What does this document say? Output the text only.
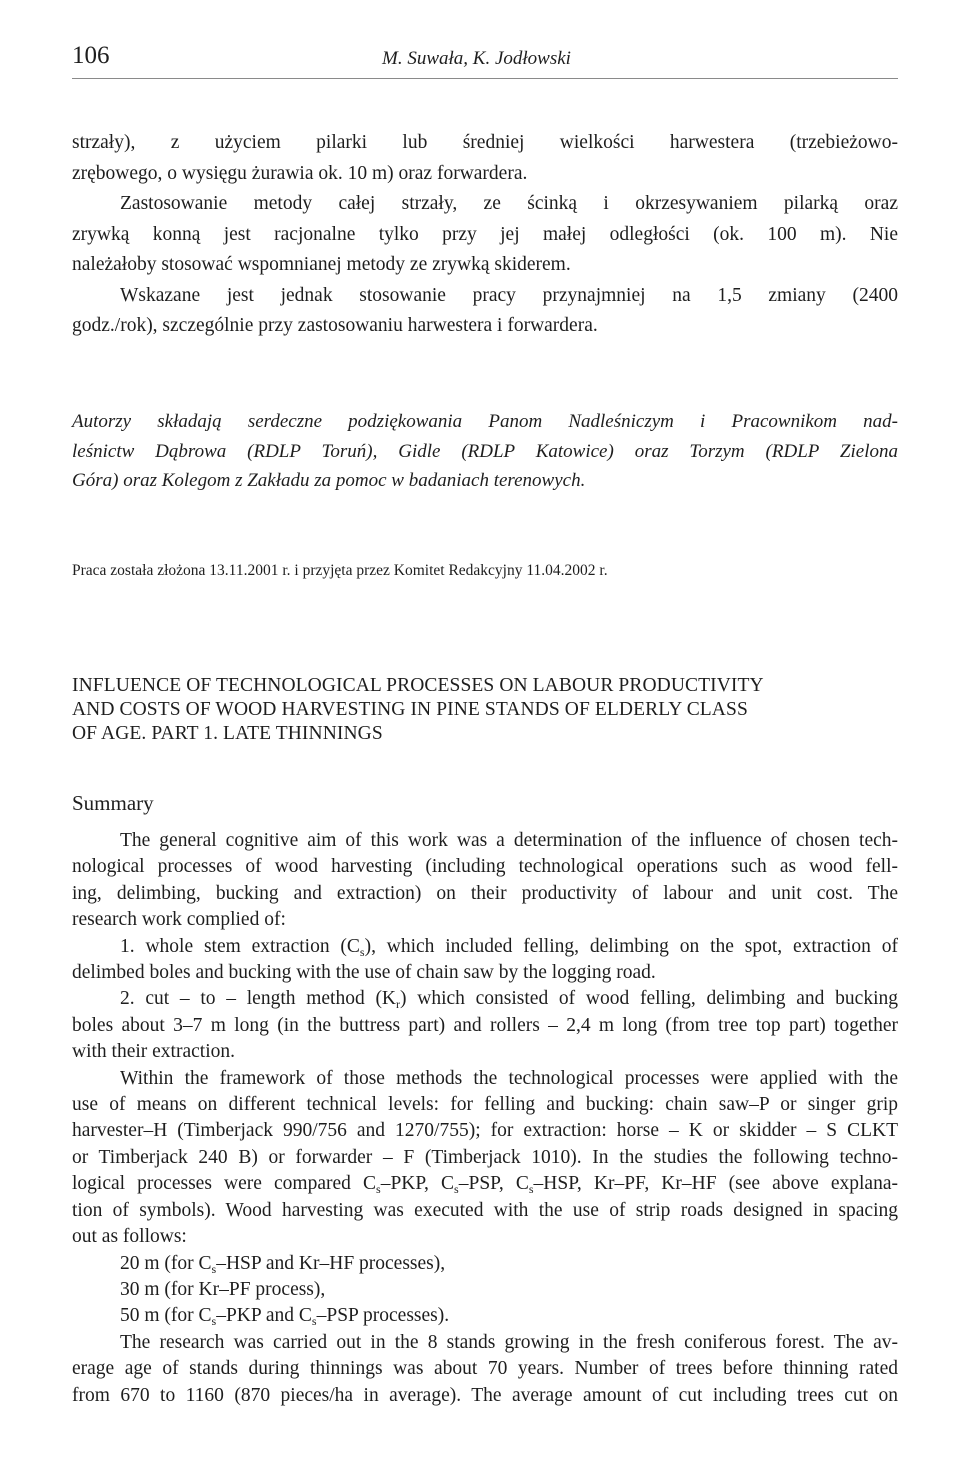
106	M. Suwała, K. Jodłowski

strzały), z użyciem pilarki lub średniej wielkości harwestera (trzebieżowo-

zrębowego, o wysięgu żurawia ok. 10 m) oraz forwardera.

Zastosowanie metody całej strzały, ze ścinką i okrzesywaniem pilarką oraz

zrywką konną jest racjonalne tylko przy jej małej odległości (ok. 100 m). Nie

należałoby stosować wspomnianej metody ze zrywką skiderem.

Wskazane jest jednak stosowanie pracy przynajmniej na 1,5 zmiany (2400

godz./rok), szczególnie przy zastosowaniu harwestera i forwardera.

Autorzy składają serdeczne podziękowania Panom Nadleśniczym i Pracownikom nad-

leśnictw Dąbrowa (RDLP Toruń), Gidle (RDLP Katowice) oraz Torzym (RDLP Zielona

Góra) oraz Kolegom z Zakładu za pomoc w badaniach terenowych.

Praca została złożona 13.11.2001 r. i przyjęta przez Komitet Redakcyjny 11.04.2002 r.

INFLUENCE OF TECHNOLOGICAL PROCESSES ON LABOUR PRODUCTIVITY

AND COSTS OF WOOD HARVESTING IN PINE STANDS OF ELDERLY CLASS

OF AGE. PART 1. LATE THINNINGS

Summary

The general cognitive aim of this work was a determination of the influence of chosen tech-

nological processes of wood harvesting (including technological operations such as wood fell-

ing, delimbing, bucking and extraction) on their productivity of labour and unit cost. The

research work complied of:

1. whole stem extraction $(C_s)$, which included felling, delimbing on the spot, extraction of

delimbed boles and bucking with the use of chain saw by the logging road.

2. cut – to – length method $(K_r)$ which consisted of wood felling, delimbing and bucking

boles about 3–7 m long (in the buttress part) and rollers – 2,4 m long (from tree top part) together

with their extraction.

Within the framework of those methods the technological processes were applied with the

use of means on different technical levels: for felling and bucking: chain saw–P or singer grip

harvester–H (Timberjack 990/756 and 1270/755); for extraction: horse – K or skidder – S CLKT

or Timberjack 240 B) or forwarder – F (Timberjack 1010). In the studies the following techno-

logical processes were compared $C_s$–PKP, $C_s$–PSP, $C_s$–HSP, Kr–PF, Kr–HF (see above explana-

tion of symbols). Wood harvesting was executed with the use of strip roads designed in spacing

out as follows:

20 m (for $C_s$–HSP and Kr–HF processes),

30 m (for Kr–PF process),

50 m (for $C_s$–PKP and $C_s$–PSP processes).

The research was carried out in the 8 stands growing in the fresh coniferous forest. The av-

erage age of stands during thinnings was about 70 years. Number of trees before thinning rated

from 670 to 1160 (870 pieces/ha in average). The average amount of cut including trees cut on
